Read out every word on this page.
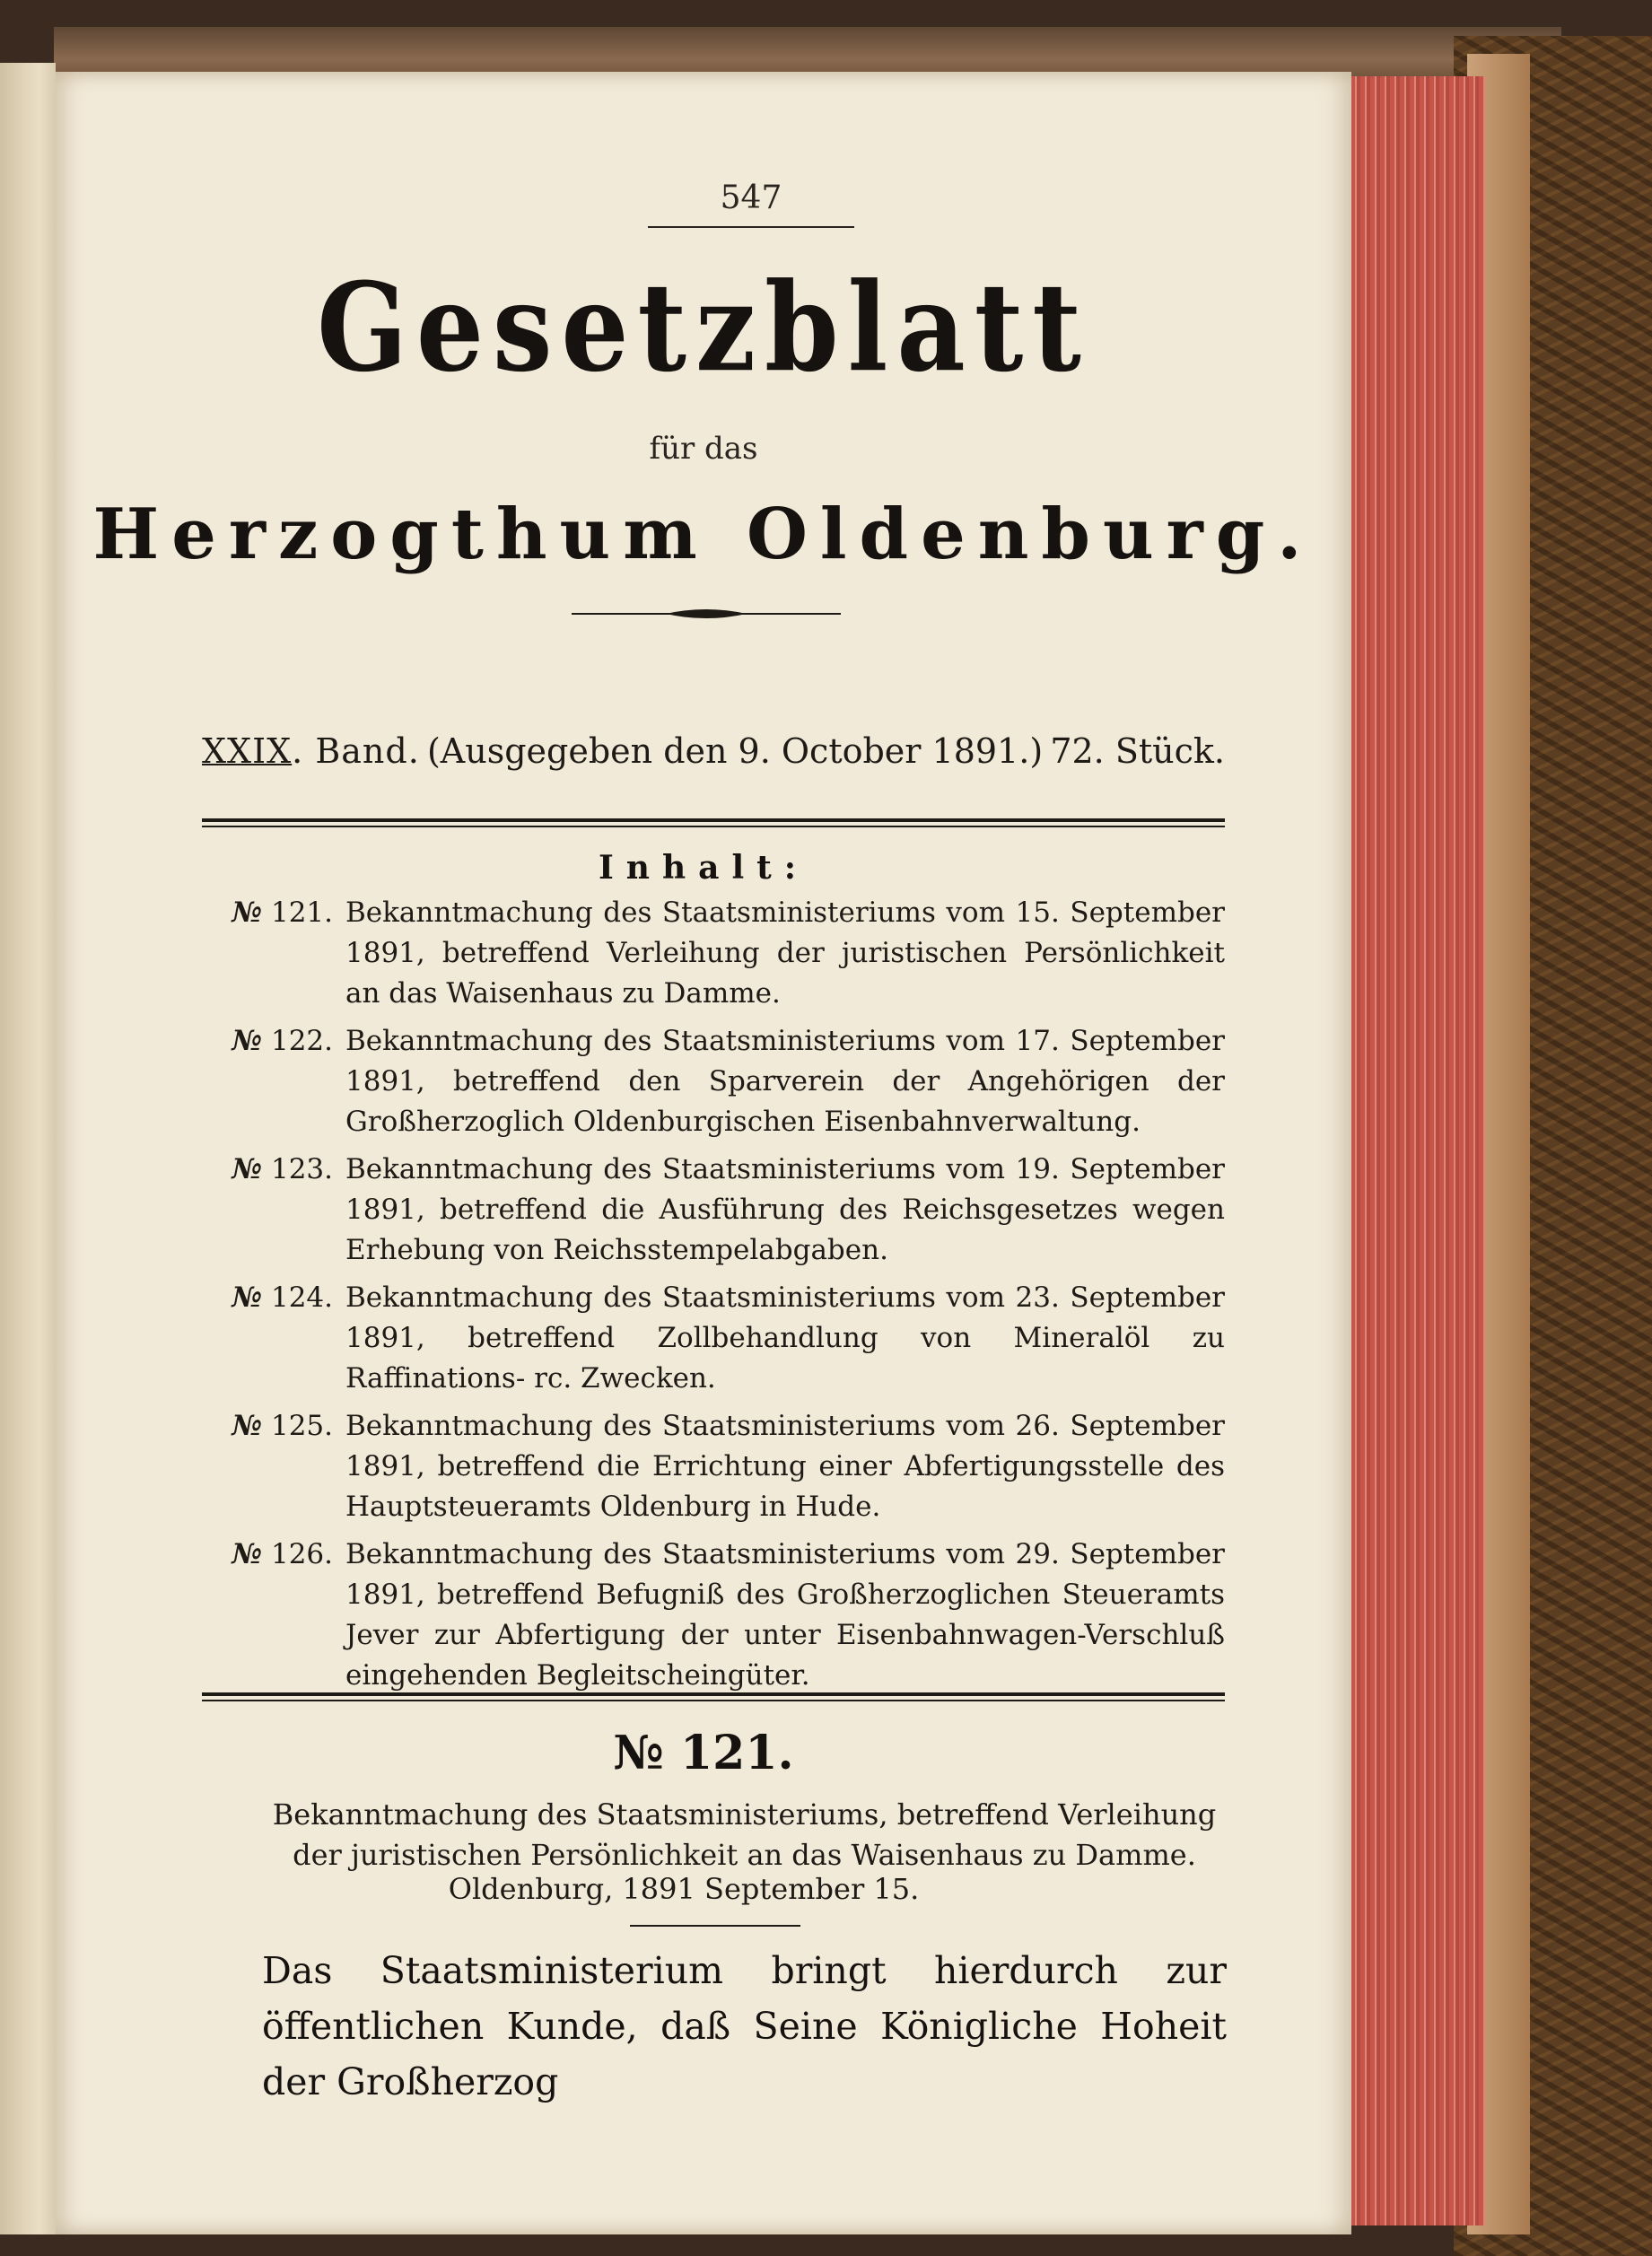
547
Gesetzblatt
für das
Herzogthum Oldenburg.
XXIX. Band. (Ausgegeben den 9. October 1891.) 72. Stück.
Inhalt:
№ 121. Bekanntmachung des Staatsministeriums vom 15. September 1891, betreffend Verleihung der juristischen Persönlichkeit an das Waisenhaus zu Damme.
№ 122. Bekanntmachung des Staatsministeriums vom 17. September 1891, betreffend den Sparverein der Angehörigen der Großherzoglich Oldenburgischen Eisenbahnverwaltung.
№ 123. Bekanntmachung des Staatsministeriums vom 19. September 1891, betreffend die Ausführung des Reichsgesetzes wegen Erhebung von Reichsstempelabgaben.
№ 124. Bekanntmachung des Staatsministeriums vom 23. September 1891, betreffend Zollbehandlung von Mineralöl zu Raffinations- rc. Zwecken.
№ 125. Bekanntmachung des Staatsministeriums vom 26. September 1891, betreffend die Errichtung einer Abfertigungsstelle des Hauptsteueramts Oldenburg in Hude.
№ 126. Bekanntmachung des Staatsministeriums vom 29. September 1891, betreffend Befugniß des Großherzoglichen Steueramts Jever zur Abfertigung der unter Eisenbahnwagen-Verschluß eingehenden Begleitscheingüter.
№ 121.
Bekanntmachung des Staatsministeriums, betreffend Verleihung der juristischen Persönlichkeit an das Waisenhaus zu Damme.
Oldenburg, 1891 September 15.
Das Staatsministerium bringt hierdurch zur öffentlichen Kunde, daß Seine Königliche Hoheit der Großherzog
